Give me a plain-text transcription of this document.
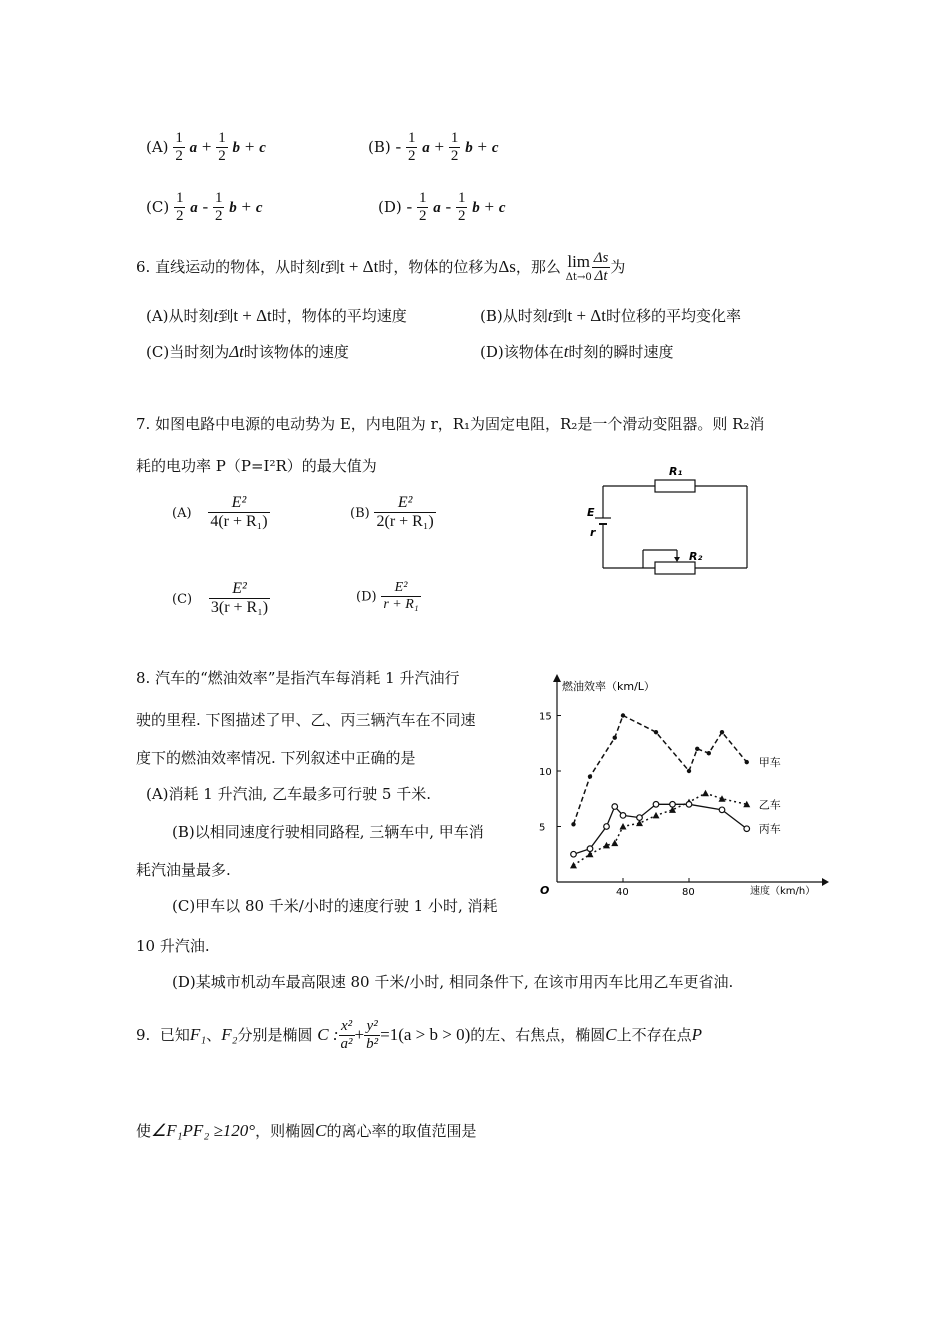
$(A) \frac{1}{2}$ $a + \frac{1}{2}$ b + c	$(B) - \frac{1}{2}$ $a + \frac{1}{2}$ b + c
$(C) \frac{1}{2}$ a - $\frac{1}{2}$ b + c	$(D) - \frac{1}{2}$ a - $\frac{1}{2}$ b + c
6. 直线运动的物体，从时刻t到t + Δt时，物体的位移为Δs，那么 lim
$\Delta t\to 0 \frac{\Delta s}{\Delta t}$ 为
(A)从时刻t到t + Δt时，物体的平均速度	(B)从时刻t到t + Δt时位移的平均变化率
(C)当时刻为Δt时该物体的速度	(D)该物体在t时刻的瞬时速度
7. 如图电路中电源的电动势为 E，内电阻为 r，R₁为固定电阻，R₂是一个滑动变阻器。则 R₂消
耗的电功率 P（P=I²R）的最大值为
$(A) \frac{\text{E²}}{\text{4(r + R₁)}}$	$(B) \frac{\text{E²}}{\text{2(r + R₁)}}$
$(C) \frac{\text{E²}}{\text{3(r + R₁)}}$	$(D) \frac{\text{E²}}{\text{r + R₁}}$
R₁
R₂
E
r
8. 汽车的“燃油效率”是指汽车每消耗 1 升汽油行
驶的里程. 下图描述了甲、乙、丙三辆汽车在不同速
度下的燃油效率情况. 下列叙述中正确的是
(A)消耗 1 升汽油, 乙车最多可行驶 5 千米.
(B)以相同速度行驶相同路程, 三辆车中, 甲车消
耗汽油量最多.
(C)甲车以 80 千米/小时的速度行驶 1 小时, 消耗
10 升汽油.
(D)某城市机动车最高限速 80 千米/小时, 相同条件下, 在该市用丙车比用乙车更省油.
燃油效率（km/L）
速度（km/h）
O	40	80
5
10
15
甲车
乙车
丙车
9. 已知F₁、F₂分别是椭圆 C : $\frac{\text{x²}}{\text{a²}} + \frac{\text{y²}}{\text{b²}} =1(a > b > 0)$的左、右焦点，椭圆C上不存在点P
使∠F₁PF₂ ≥120°，则椭圆C的离心率的取值范围是
